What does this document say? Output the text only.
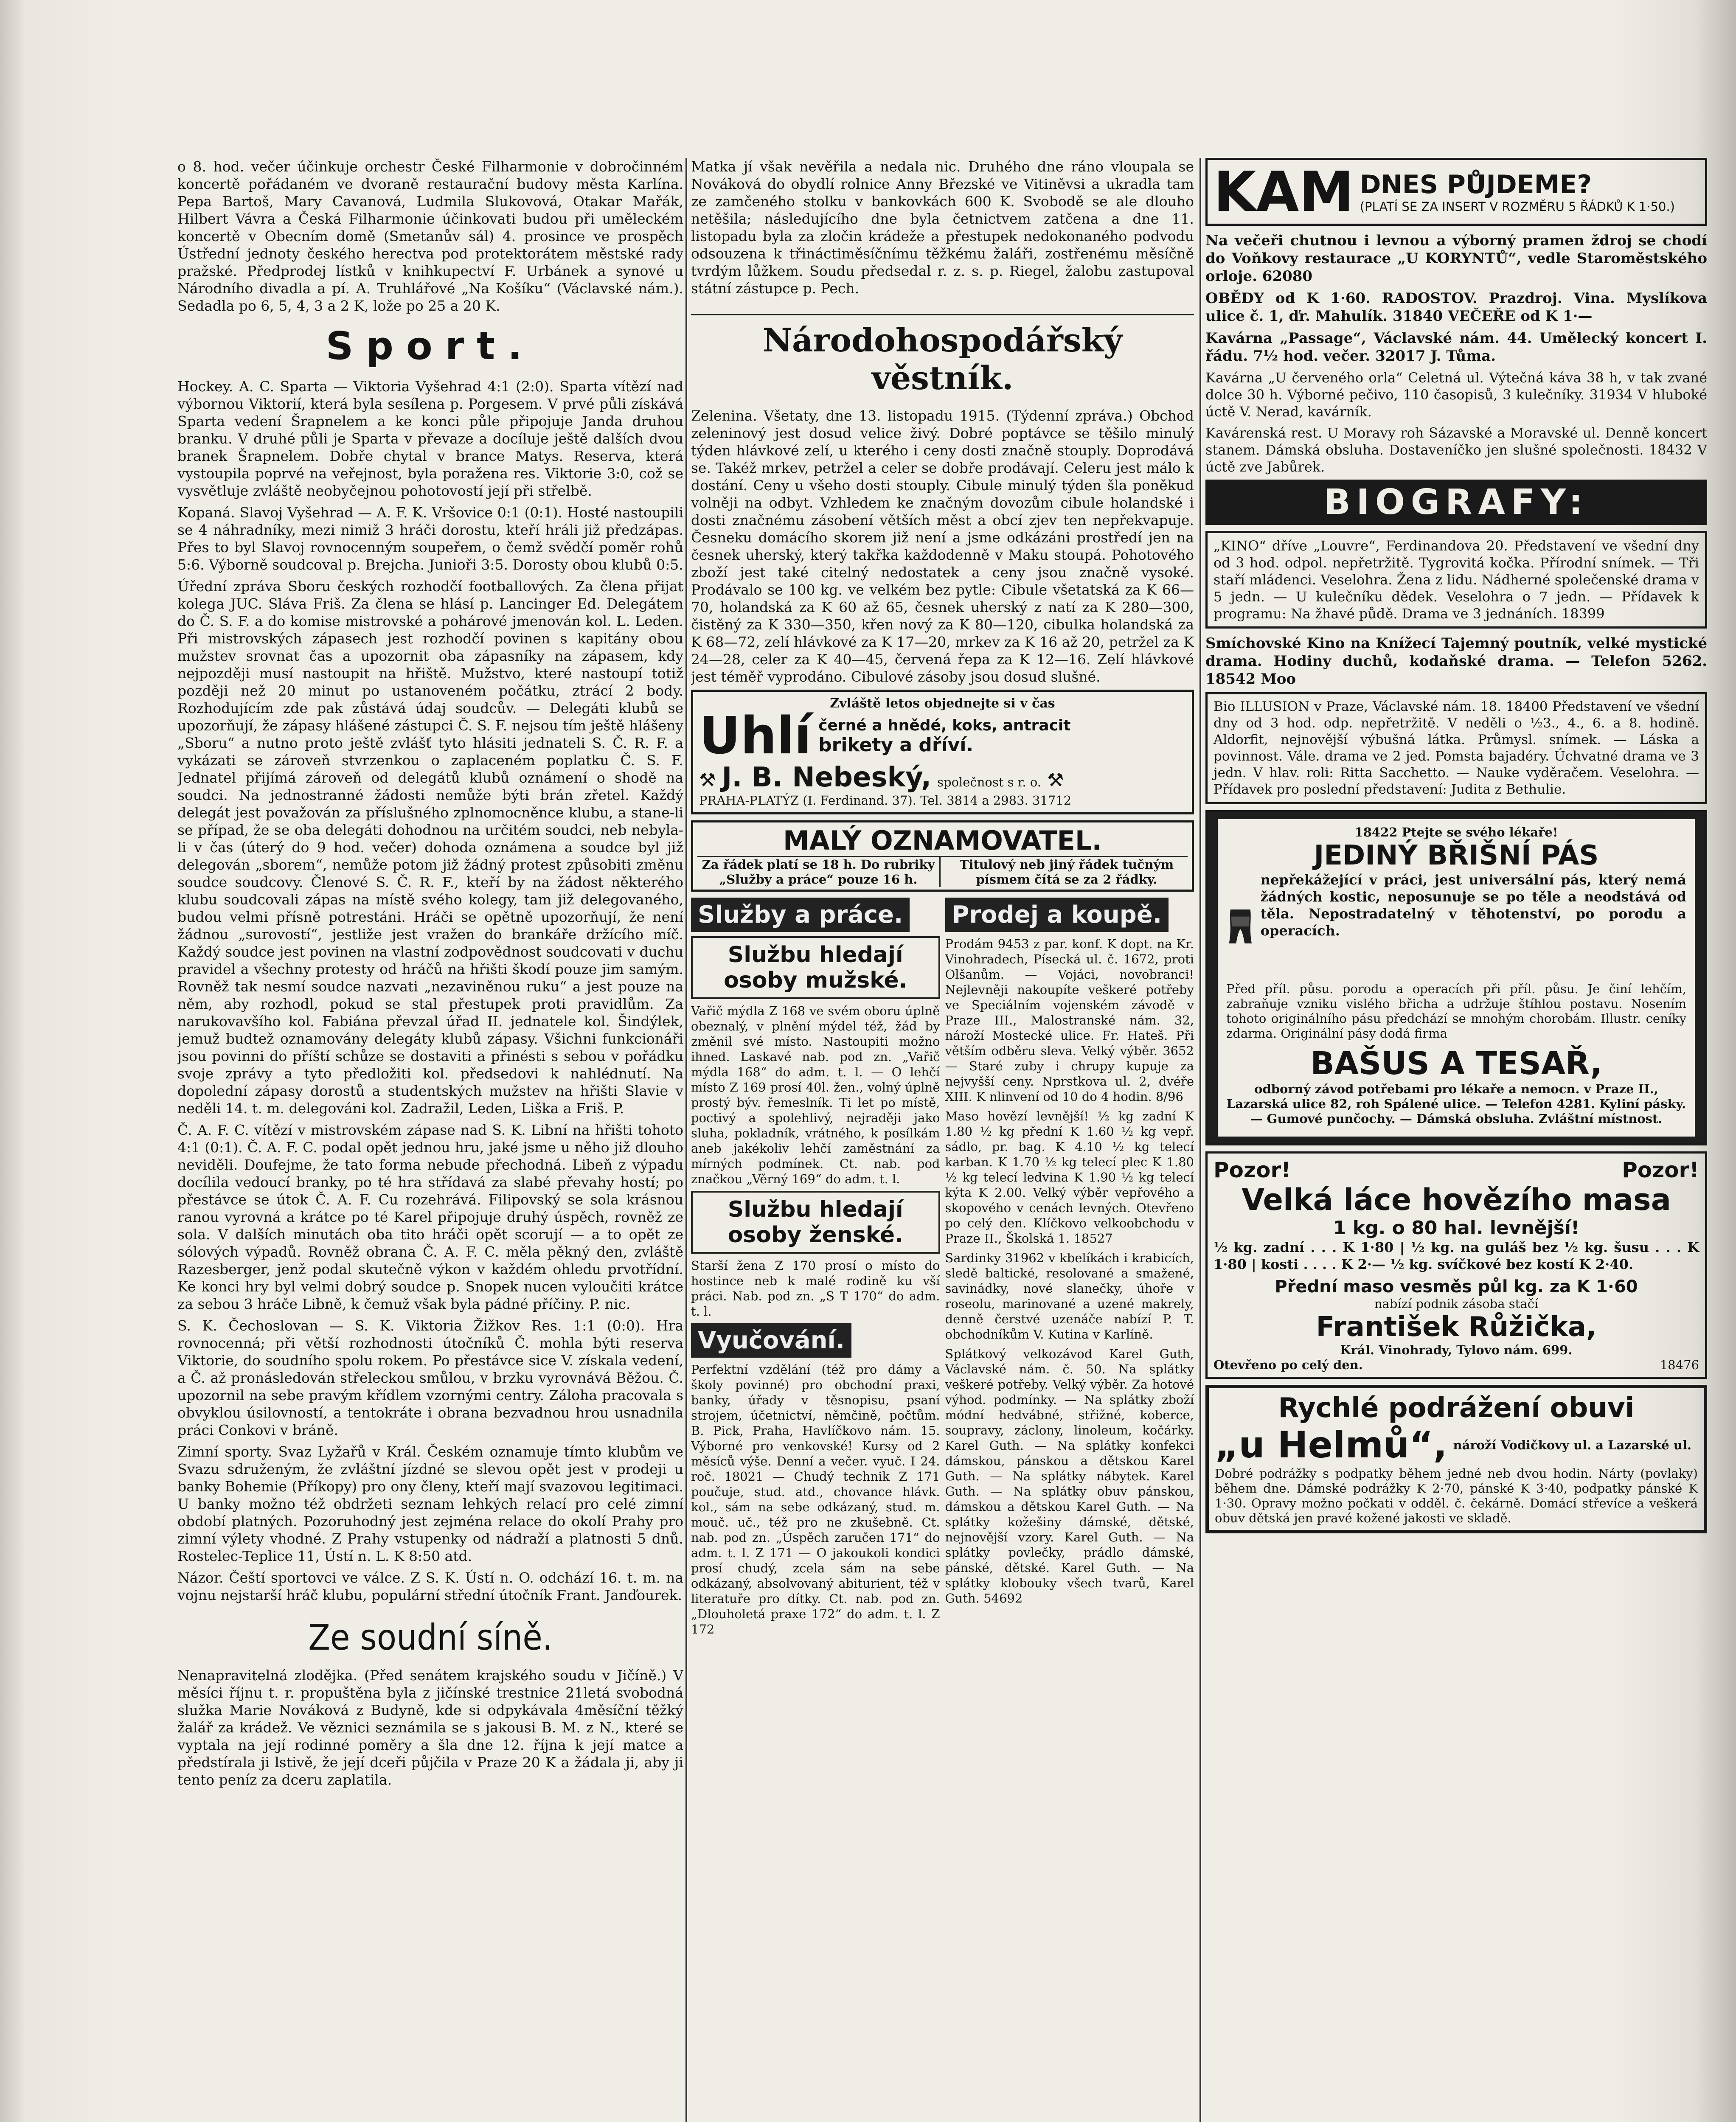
o 8. hod. večer účinkuje orchestr České Filharmonie v dobročinném koncertě pořádaném ve dvoraně restaurační budovy města Karlína. Pepa Bartoš, Mary Cavanová, Ludmila Slukovová, Otakar Mařák, Hilbert Vávra a Česká Filharmonie účinkovati budou při uměleckém koncertě v Obecním domě (Smetanův sál) 4. prosince ve prospěch Ústřední jednoty českého herectva pod protektorátem městské rady pražské. Předprodej lístků v knihkupectví F. Urbánek a synové u Národního divadla a pí. A. Truhlářové „Na Košíku“ (Václavské nám.). Sedadla po 6, 5, 4, 3 a 2 K, lože po 25 a 20 K.

Sport.

Hockey. A. C. Sparta — Viktoria Vyšehrad 4:1 (2:0). Sparta vítězí nad výbornou Viktorií, která byla sesílena p. Porgesem. V prvé půli získává Sparta vedení Šrapnelem a ke konci půle připojuje Janda druhou branku. V druhé půli je Sparta v převaze a docíluje ještě dalších dvou branek Šrapnelem. Dobře chytal v brance Matys. Reserva, která vystoupila poprvé na veřejnost, byla poražena res. Viktorie 3:0, což se vysvětluje zvláště neobyčejnou pohotovostí její při střelbě.

Kopaná. Slavoj Vyšehrad — A. F. K. Vršovice 0:1 (0:1). Hosté nastoupili se 4 náhradníky, mezi nimiž 3 hráči dorostu, kteří hráli již předzápas. Přes to byl Slavoj rovnocenným soupeřem, o čemž svědčí poměr rohů 5:6. Výborně soudcoval p. Brejcha. Junioři 3:5. Dorosty obou klubů 0:5.

Úřední zpráva Sboru českých rozhodčí footballových. Za člena přijat kolega JUC. Sláva Friš. Za člena se hlásí p. Lancinger Ed. Delegátem do Č. S. F. a do komise mistrovské a pohárové jmenován kol. L. Leden. Při mistrovských zápasech jest rozhodčí povinen s kapitány obou mužstev srovnat čas a upozornit oba zápasníky na zápasem, kdy nejpozději musí nastoupit na hřiště. Mužstvo, které nastoupí totiž později než 20 minut po ustanoveném počátku, ztrácí 2 body. Rozhodujícím zde pak zůstává údaj soudcův. — Delegáti klubů se upozorňují, že zápasy hlášené zástupci Č. S. F. nejsou tím ještě hlášeny „Sboru“ a nutno proto ještě zvlášť tyto hlásiti jednateli S. Č. R. F. a vykázati se zároveň stvrzenkou o zaplaceném poplatku Č. S. F. Jednatel přijímá zároveň od delegátů klubů oznámení o shodě na soudci. Na jednostranné žádosti nemůže býti brán zřetel. Každý delegát jest považován za příslušného zplnomocněnce klubu, a stane-li se případ, že se oba delegáti dohodnou na určitém soudci, neb nebyla-li v čas (úterý do 9 hod. večer) dohoda oznámena a soudce byl již delegován „sborem“, nemůže potom již žádný protest způsobiti změnu soudce soudcovy. Členové S. Č. R. F., kteří by na žádost některého klubu soudcovali zápas na místě svého kolegy, tam již delegovaného, budou velmi přísně potrestáni. Hráči se opětně upozorňují, že není žádnou „surovostí“, jestliže jest vražen do brankáře držícího míč. Každý soudce jest povinen na vlastní zodpovědnost soudcovati v duchu pravidel a všechny protesty od hráčů na hřišti škodí pouze jim samým. Rovněž tak nesmí soudce nazvati „nezaviněnou ruku“ a jest pouze na něm, aby rozhodl, pokud se stal přestupek proti pravidlům. Za narukovavšího kol. Fabiána převzal úřad II. jednatele kol. Šindýlek, jemuž budtež oznamovány delegáty klubů zápasy. Všichni funkcionáři jsou povinni do příští schůze se dostaviti a přinésti s sebou v pořádku svoje zprávy a tyto předložiti kol. předsedovi k nahlédnutí. Na dopolední zápasy dorostů a studentských mužstev na hřišti Slavie v neděli 14. t. m. delegováni kol. Zadražil, Leden, Liška a Friš. P.

Č. A. F. C. vítězí v mistrovském zápase nad S. K. Libní na hřišti tohoto 4:1 (0:1). Č. A. F. C. podal opět jednou hru, jaké jsme u něho již dlouho neviděli. Doufejme, že tato forma nebude přechodná. Libeň z výpadu docílila vedoucí branky, po té hra střídavá za slabé převahy hostí; po přestávce se útok Č. A. F. Cu rozehrává. Filipovský se sola krásnou ranou vyrovná a krátce po té Karel připojuje druhý úspěch, rovněž ze sola. V dalších minutách oba tito hráči opět scorují — a to opět ze sólových výpadů. Rovněž obrana Č. A. F. C. měla pěkný den, zvláště Razesberger, jenž podal skutečně výkon v každém ohledu prvotřídní. Ke konci hry byl velmi dobrý soudce p. Snopek nucen vyloučiti krátce za sebou 3 hráče Libně, k čemuž však byla pádné příčiny. P. nic.

S. K. Čechoslovan — S. K. Viktoria Žižkov Res. 1:1 (0:0). Hra rovnocenná; při větší rozhodnosti útočníků Č. mohla býti reserva Viktorie, do soudního spolu rokem. Po přestávce sice V. získala vedení, a Č. až pronásledován střeleckou smůlou, v brzku vyrovnává Běžou. Č. upozornil na sebe pravým křídlem vzornými centry. Záloha pracovala s obvyklou úsilovností, a tentokráte i obrana bezvadnou hrou usnadnila práci Conkovi v bráně.

Zimní sporty. Svaz Lyžařů v Král. Českém oznamuje tímto klubům ve Svazu sdruženým, že zvláštní jízdné se slevou opět jest v prodeji u banky Bohemie (Příkopy) pro ony členy, kteří mají svazovou legitimaci. U banky možno též obdržeti seznam lehkých relací pro celé zimní období platných. Pozoruhodný jest zejména relace do okolí Prahy pro zimní výlety vhodné. Z Prahy vstupenky od nádraží a platnosti 5 dnů. Rostelec-Teplice 11, Ústí n. L. K 8:50 atd.

Názor. Čeští sportovci ve válce. Z S. K. Ústí n. O. odchází 16. t. m. na vojnu nejstarší hráč klubu, populární střední útočník Frant. Janďourek.

Ze soudní síně.

Nenapravitelná zlodějka. (Před senátem krajského soudu v Jičíně.) V měsíci říjnu t. r. propuštěna byla z jičínské trestnice 21letá svobodná služka Marie Nováková z Budyně, kde si odpykávala 4měsíční těžký žalář za krádež. Ve věznici seznámila se s jakousi B. M. z N., které se vyptala na její rodinné poměry a šla dne 12. října k její matce a předstírala ji lstivě, že její dceři půjčila v Praze 20 K a žádala ji, aby ji tento peníz za dceru zaplatila.

Matka jí však nevěřila a nedala nic. Druhého dne ráno vloupala se Nováková do obydlí rolnice Anny Březské ve Vitiněvsi a ukradla tam ze zamčeného stolku v bankovkách 600 K. Svobodě se ale dlouho netěšila; následujícího dne byla četnictvem zatčena a dne 11. listopadu byla za zločin krádeže a přestupek nedokonaného podvodu odsouzena k třináctiměsíčnímu těžkému žaláři, zostřenému měsíčně tvrdým lůžkem. Soudu předsedal r. z. s. p. Riegel, žalobu zastupoval státní zástupce p. Pech.

Národohospodářský věstník.

Zelenina. Všetaty, dne 13. listopadu 1915. (Týdenní zpráva.) Obchod zeleninový jest dosud velice živý. Dobré poptávce se těšilo minulý týden hlávkové zelí, u kterého i ceny dosti značně stouply. Doprodává se. Takéž mrkev, petržel a celer se dobře prodávají. Celeru jest málo k dostání. Ceny u všeho dosti stouply. Cibule minulý týden šla poněkud volněji na odbyt. Vzhledem ke značným dovozům cibule holandské i dosti značnému zásobení větších měst a obcí zjev ten nepřekvapuje. Česneku domácího skorem již není a jsme odkázáni prostředí jen na česnek uherský, který takřka každodenně v Maku stoupá. Pohotového zboží jest také citelný nedostatek a ceny jsou značně vysoké. Prodávalo se 100 kg. ve velkém bez pytle: Cibule všetatská za K 66—70, holandská za K 60 až 65, česnek uherský z natí za K 280—300, čistěný za K 330—350, křen nový za K 80—120, cibulka holandská za K 68—72, zelí hlávkové za K 17—20, mrkev za K 16 až 20, petržel za K 24—28, celer za K 40—45, červená řepa za K 12—16. Zelí hlávkové jest téměř vyprodáno. Cibulové zásoby jsou dosud slušné.

Zvláště letos objednejte si v čas
Uhlí černé a hnědé, koks, antracit
brikety a dříví.
⚒ J. B. Nebeský, společnost s r. o. ⚒
PRAHA-PLATÝZ (I. Ferdinand. 37). Tel. 3814 a 2983. 31712
MALÝ OZNAMOVATEL.
Za řádek platí se 18 h. Do rubriky „Služby a práce“ pouze 16 h.
Titulový neb jiný řádek tučným písmem čítá se za 2 řádky.
Služby a práce.
Službu hledají osoby mužské.

Vařič mýdla Z 168 ve svém oboru úplně obeznalý, v plnění mýdel též, žád by změnil své místo. Nastoupiti možno ihned. Laskavé nab. pod zn. „Vařič mýdla 168“ do adm. t. l. — O lehčí místo Z 169 prosí 40l. žen., volný úplně prostý býv. řemeslník. Ti let po místě, poctivý a spolehlivý, nejraději jako sluha, pokladník, vrátného, k posílkám aneb jakékoliv lehčí zaměstnání za mírných podmínek. Ct. nab. pod značkou „Věrný 169“ do adm. t. l.

Službu hledají osoby ženské.

Starší žena Z 170 prosí o místo do hostince neb k malé rodině ku vší práci. Nab. pod zn. „S T 170“ do adm. t. l.

Vyučování.

Perfektní vzdělání (též pro dámy a školy povinné) pro obchodní praxi, banky, úřady v těsnopisu, psaní strojem, účetnictví, němčině, počtům. B. Pick, Praha, Havlíčkovo nám. 15. Výborné pro venkovské! Kursy od 2 měsíců výše. Denní a večer. vyuč. I 24. roč. 18021 — Chudý technik Z 171 poučuje, stud. atd., chovance hlávk. kol., sám na sebe odkázaný, stud. m. mouč. uč., též pro ne zkušebně. Ct. nab. pod zn. „Úspěch zaručen 171“ do adm. t. l. Z 171 — O jakoukoli kondici prosí chudý, zcela sám na sebe odkázaný, absolvovaný abiturient, též v literatuře pro dítky. Ct. nab. pod zn. „Dlouholetá praxe 172“ do adm. t. l. Z 172

Prodej a koupě.

Prodám 9453 z par. konf. K dopt. na Kr. Vinohradech, Písecká ul. č. 1672, proti Olšanům. — Vojáci, novobranci! Nejlevněji nakoupíte veškeré potřeby ve Speciálním vojenském závodě v Praze III., Malostranské nám. 32, nároží Mostecké ulice. Fr. Hateš. Při větším odběru sleva. Velký výběr. 3652 — Staré zuby i chrupy kupuje za nejvyšší ceny. Nprstkova ul. 2, dvéře XIII. K nlinvení od 10 do 4 hodin. 8/96

Maso hovězí levnější! ½ kg zadní K 1.80 ½ kg přední K 1.60 ½ kg vepř. sádlo, pr. bag. K 4.10 ½ kg telecí karban. K 1.70 ½ kg telecí plec K 1.80 ½ kg telecí ledvina K 1.90 ½ kg telecí kýta K 2.00. Velký výběr vepřového a skopového v cenách levných. Otevřeno po celý den. Klíčkovo velkoobchodu v Praze II., Školská 1. 18527

Sardinky 31962 v kbelíkách i krabicích, sledě baltické, resolované a smažené, savinádky, nové slanečky, úhoře v roseolu, marinované a uzené makrely, denně čerstvé uzenáče nabízí P. T. obchodníkům V. Kutina v Karlíně.

Splátkový velkozávod Karel Guth, Václavské nám. č. 50. Na splátky veškeré potřeby. Velký výběr. Za hotové výhod. podmínky. — Na splátky zboží módní hedvábné, střižné, koberce, soupravy, záclony, linoleum, kočárky. Karel Guth. — Na splátky konfekci dámskou, pánskou a dětskou Karel Guth. — Na splátky nábytek. Karel Guth. — Na splátky obuv pánskou, dámskou a dětskou Karel Guth. — Na splátky kožešiny dámské, dětské, nejnovější vzory. Karel Guth. — Na splátky povlečky, prádlo dámské, pánské, dětské. Karel Guth. — Na splátky klobouky všech tvarů, Karel Guth. 54692

KAM DNES PŮJDEME?
(PLATÍ SE ZA INSERT V ROZMĚRU 5 ŘÁDKŮ K 1·50.)

Na večeři chutnou i levnou a výborný pramen ždroj se chodí do Voňkovy restaurace „U KORYNTŮ“, vedle Staroměstského orloje. 62080

OBĚDY od K 1·60. RADOSTOV. Prazdroj. Vina. Myslíkova ulice č. 1, ďr. Mahulík. 31840 VEČEŘE od K 1·—

Kavárna „Passage“, Václavské nám. 44. Umělecký koncert I. řádu. 7½ hod. večer. 32017 J. Tůma.

Kavárna „U červeného orla“ Celetná ul. Výtečná káva 38 h, v tak zvané dolce 30 h. Výborné pečivo, 110 časopisů, 3 kulečníky. 31934 V hluboké úctě V. Nerad, kavárník.

Kavárenská rest. U Moravy roh Sázavské a Moravské ul. Denně koncert stanem. Dámská obsluha. Dostaveníčko jen slušné společnosti. 18432 V úctě zve Jabůrek.

BIOGRAFY:

„KINO“ dříve „Louvre“, Ferdinandova 20. Představení ve všední dny od 3 hod. odpol. nepřetržitě. Tygrovitá kočka. Přírodní snímek. — Tři staří mládenci. Veselohra. Žena z lidu. Nádherné společenské drama v 5 jedn. — U kulečníku dědek. Veselohra o 7 jedn. — Přídavek k programu: Na žhavé půdě. Drama ve 3 jednáních. 18399

Smíchovské Kino na Knížecí Tajemný poutník, velké mystické drama. Hodiny duchů, kodaňské drama. — Telefon 5262. 18542 Moo

Bio ILLUSION v Praze, Václavské nám. 18. 18400 Představení ve všední dny od 3 hod. odp. nepřetržitě. V neděli o ½3., 4., 6. a 8. hodině. Aldorfit, nejnovější výbušná látka. Průmysl. snímek. — Láska a povinnost. Vále. drama ve 2 jed. Pomsta bajadéry. Úchvatné drama ve 3 jedn. V hlav. roli: Ritta Sacchetto. — Nauke vyděračem. Veselohra. — Přídavek pro poslední představení: Judita z Bethulie.

18422 Ptejte se svého lékaře!
JEDINÝ BŘIŠNÍ PÁS

nepřekážející v práci, jest universální pás, který nemá žádných kostic, neposunuje se po těle a neodstává od těla. Nepostradatelný v těhotenství, po porodu a operacích.

Před příl. půsu. porodu a operacích při příl. půsu. Je činí lehčím, zabraňuje vzniku vislého břicha a udržuje štíhlou postavu. Nosením tohoto originálního pásu předchází se mnohým chorobám. Illustr. ceníky zdarma. Originální pásy dodá firma

BAŠUS A TESAŘ,

odborný závod potřebami pro lékaře a nemocn. v Praze II., Lazarská ulice 82, roh Spálené ulice. — Telefon 4281. Kyliní pásky. — Gumové punčochy. — Dámská obsluha. Zvláštní místnost.

Pozor!	Pozor!
Velká láce hovězího masa
1 kg. o 80 hal. levnější!

½ kg. zadní . . . K 1·80 | ½ kg. na guláš bez ½ kg. šusu . . . K 1·80 | kosti . . . . K 2·— ½ kg. svíčkové bez kostí K 2·40.

Přední maso vesměs půl kg. za K 1·60
nabízí podnik zásoba stačí
František Růžička,
Král. Vinohrady, Tylovo nám. 699.
Otevřeno po celý den.	18476
Rychlé podrážení obuvi
„u Helmů“, nároží Vodičkovy ul. a Lazarské ul.

Dobré podrážky s podpatky během jedné neb dvou hodin. Nárty (povlaky) během dne. Dámské podrážky K 2·70, pánské K 3·40, podpatky pánské K 1·30. Opravy možno počkati v odděl. č. čekárně. Domácí střevíce a veškerá obuv dětská jen pravé kožené jakosti ve skladě.
